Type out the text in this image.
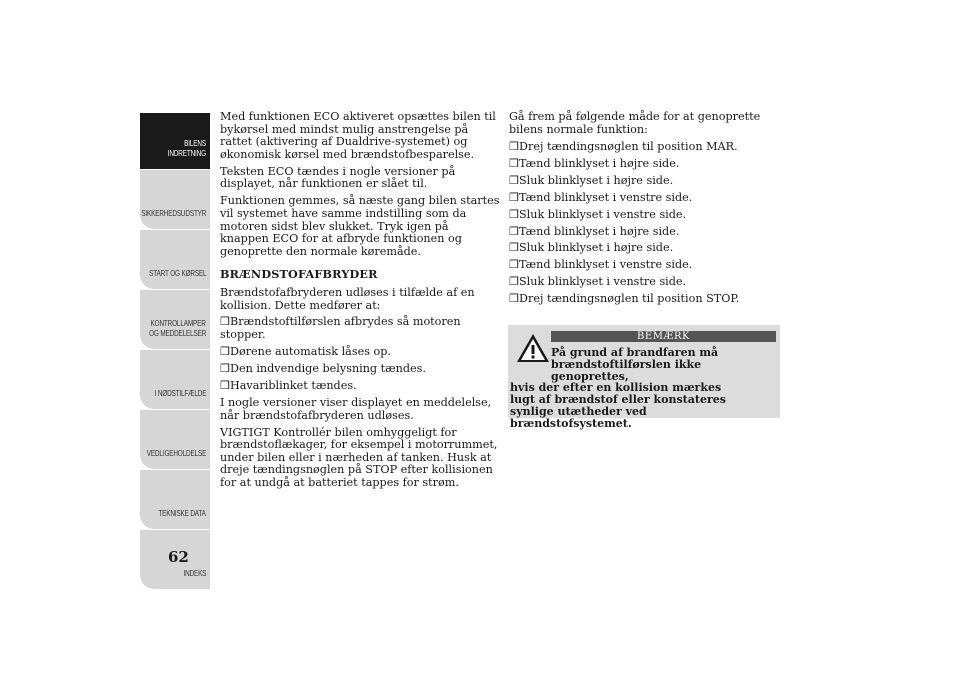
BILENS
INDRETNING
SIKKERHEDSUDSTYR
START OG KØRSEL
KONTROLLAMPER
OG MEDDELELSER
I NØDSTILFÆLDE
VEDLIGEHOLDELSE
TEKNISKE DATA
INDEKS
62

Med funktionen ECO aktiveret opsættes bilen til bykørsel med mindst mulig anstrengelse på rattet (aktivering af Dualdrive-systemet) og økonomisk kørsel med brændstofbesparelse.

Teksten ECO tændes i nogle versioner på displayet, når funktionen er slået til.

Funktionen gemmes, så næste gang bilen startes vil systemet have samme indstilling som da motoren sidst blev slukket. Tryk igen på knappen ECO for at afbryde funktionen og genoprette den normale køremåde.

BRÆNDSTOFAFBRYDER

Brændstofafbryderen udløses i tilfælde af en kollision. Dette medfører at:

❒Brændstoftilførslen afbrydes så motoren stopper.
❒Dørene automatisk låses op.
❒Den indvendige belysning tændes.
❒Havariblinket tændes.

I nogle versioner viser displayet en meddelelse, når brændstofafbryderen udløses.

VIGTIGT Kontrollér bilen omhyggeligt for brændstoflækager, for eksempel i motorrummet, under bilen eller i nærheden af tanken. Husk at dreje tændingsnøglen på STOP efter kollisionen for at undgå at batteriet tappes for strøm.

Gå frem på følgende måde for at genoprette bilens normale funktion:

❒Drej tændingsnøglen til position MAR.
❒Tænd blinklyset i højre side.
❒Sluk blinklyset i højre side.
❒Tænd blinklyset i venstre side.
❒Sluk blinklyset i venstre side.
❒Tænd blinklyset i højre side.
❒Sluk blinklyset i højre side.
❒Tænd blinklyset i venstre side.
❒Sluk blinklyset i venstre side.
❒Drej tændingsnøglen til position STOP.
BEMÆRK
På grund af brandfaren må
brændstoftilførslen ikke genoprettes,
hvis der efter en kollision mærkes lugt af brændstof eller konstateres synlige utætheder ved brændstofsystemet.
